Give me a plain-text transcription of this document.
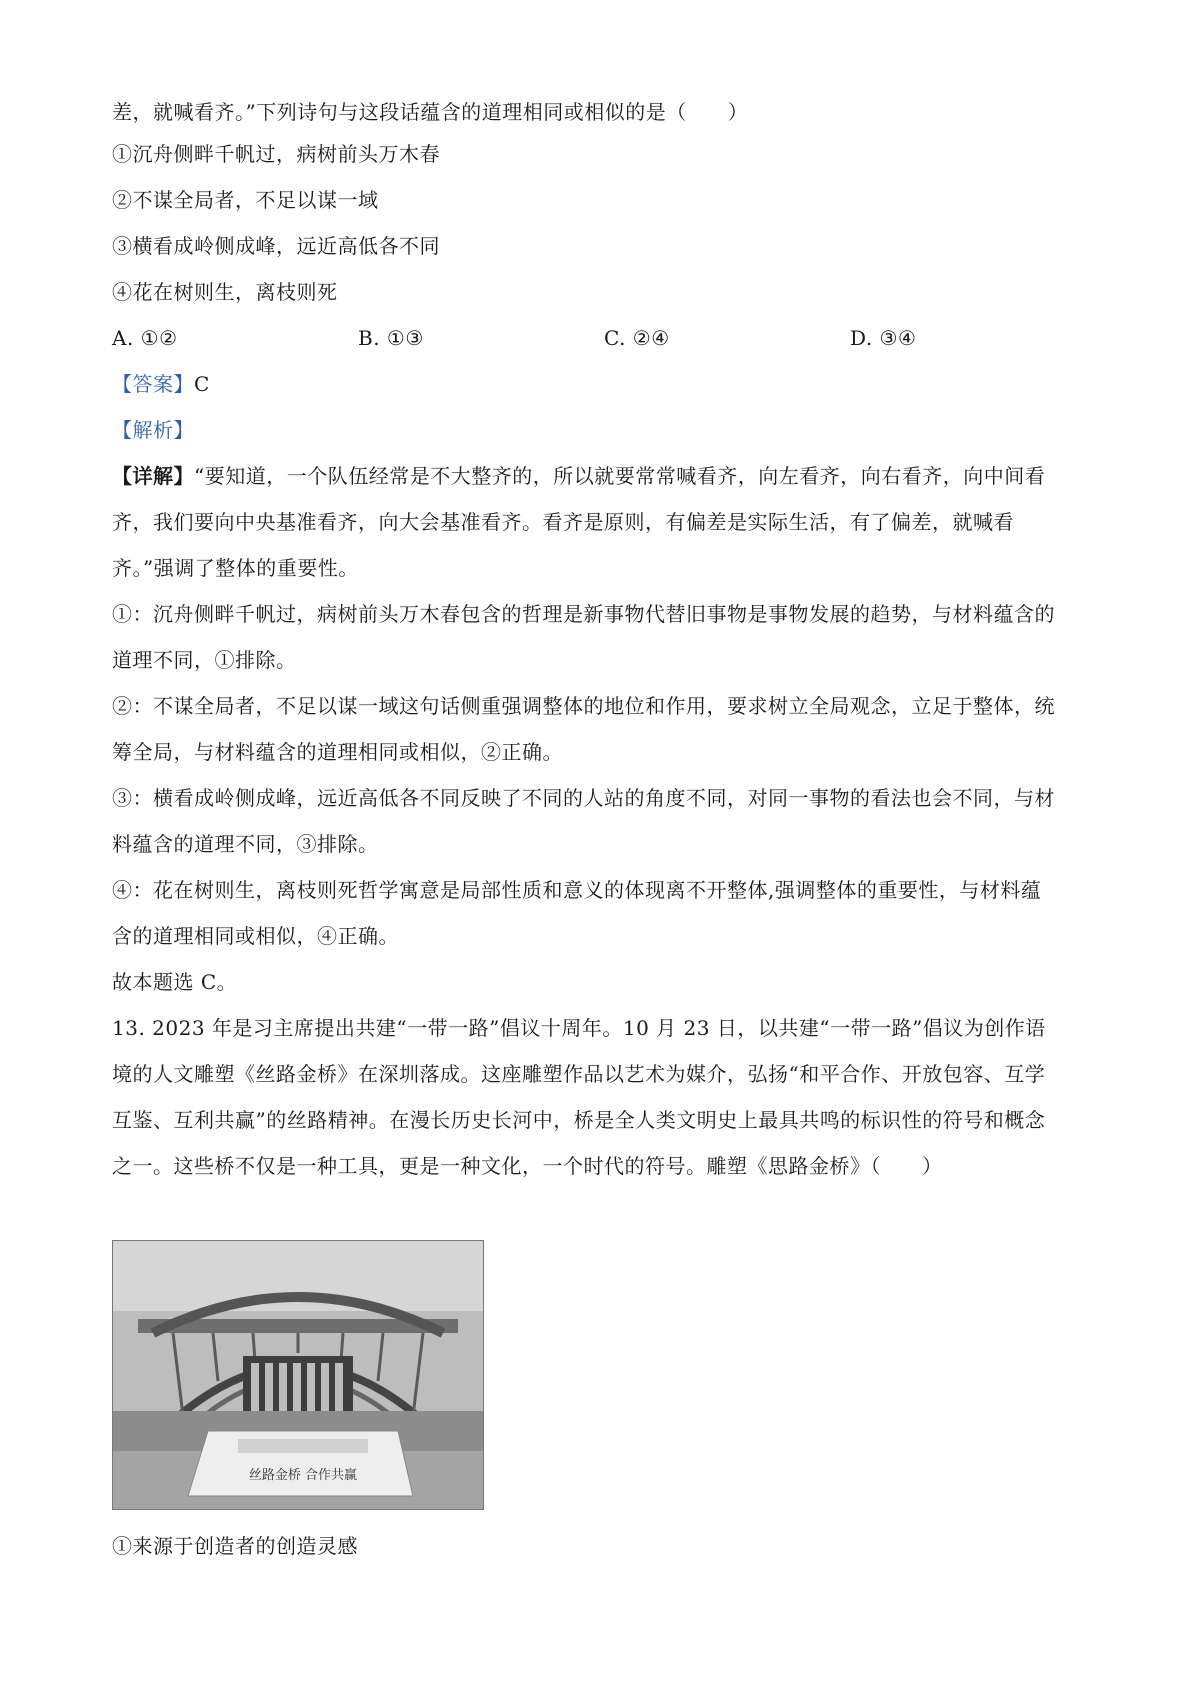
差，就喊看齐。”下列诗句与这段话蕴含的道理相同或相似的是（　　）
①沉舟侧畔千帆过，病树前头万木春
②不谋全局者，不足以谋一域
③横看成岭侧成峰，远近高低各不同
④花在树则生，离枝则死
A. ①②	B. ①③	C. ②④	D. ③④
【答案】C
【解析】
【详解】“要知道，一个队伍经常是不大整齐的，所以就要常常喊看齐，向左看齐，向右看齐，向中间看
齐，我们要向中央基准看齐，向大会基准看齐。看齐是原则，有偏差是实际生活，有了偏差，就喊看
齐。”强调了整体的重要性。
①：沉舟侧畔千帆过，病树前头万木春包含的哲理是新事物代替旧事物是事物发展的趋势，与材料蕴含的
道理不同，①排除。
②：不谋全局者，不足以谋一域这句话侧重强调整体的地位和作用，要求树立全局观念，立足于整体，统
筹全局，与材料蕴含的道理相同或相似，②正确。
③：横看成岭侧成峰，远近高低各不同反映了不同的人站的角度不同，对同一事物的看法也会不同，与材
料蕴含的道理不同，③排除。
④：花在树则生，离枝则死哲学寓意是局部性质和意义的体现离不开整体,强调整体的重要性，与材料蕴
含的道理相同或相似，④正确。
故本题选 C。
13. 2023 年是习主席提出共建“一带一路”倡议十周年。10 月 23 日，以共建“一带一路”倡议为创作语
境的人文雕塑《丝路金桥》在深圳落成。这座雕塑作品以艺术为媒介，弘扬“和平合作、开放包容、互学
互鉴、互利共赢”的丝路精神。在漫长历史长河中，桥是全人类文明史上最具共鸣的标识性的符号和概念
之一。这些桥不仅是一种工具，更是一种文化，一个时代的符号。雕塑《思路金桥》（　　）
丝路金桥 合作共赢
①来源于创造者的创造灵感
